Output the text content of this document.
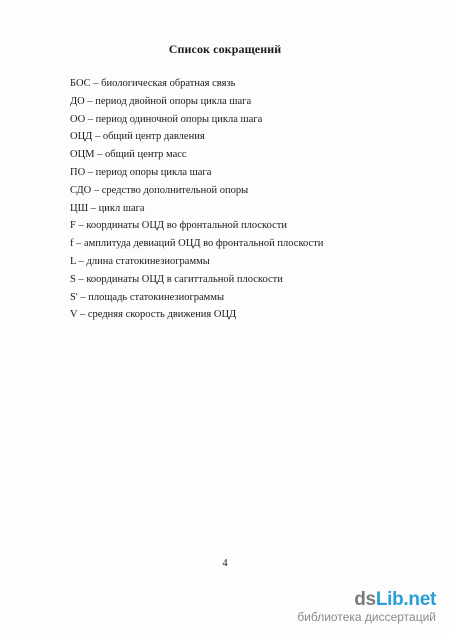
Список сокращений
БОС – биологическая обратная связь
ДО – период двойной опоры цикла шага
ОО – период одиночной опоры цикла шага
ОЦД – общий центр давления
ОЦМ – общий центр масс
ПО – период опоры цикла шага
СДО – средство дополнительной опоры
ЦШ – цикл шага
F – координаты ОЦД во фронтальной плоскости
f – амплитуда девиаций ОЦД во фронтальной плоскости
L – длина статокинезиограммы
S – координаты ОЦД в сагиттальной плоскости
S' – площадь статокинезиограммы
V – средняя скорость движения ОЦД
4
dsLib.net
библиотека диссертаций
